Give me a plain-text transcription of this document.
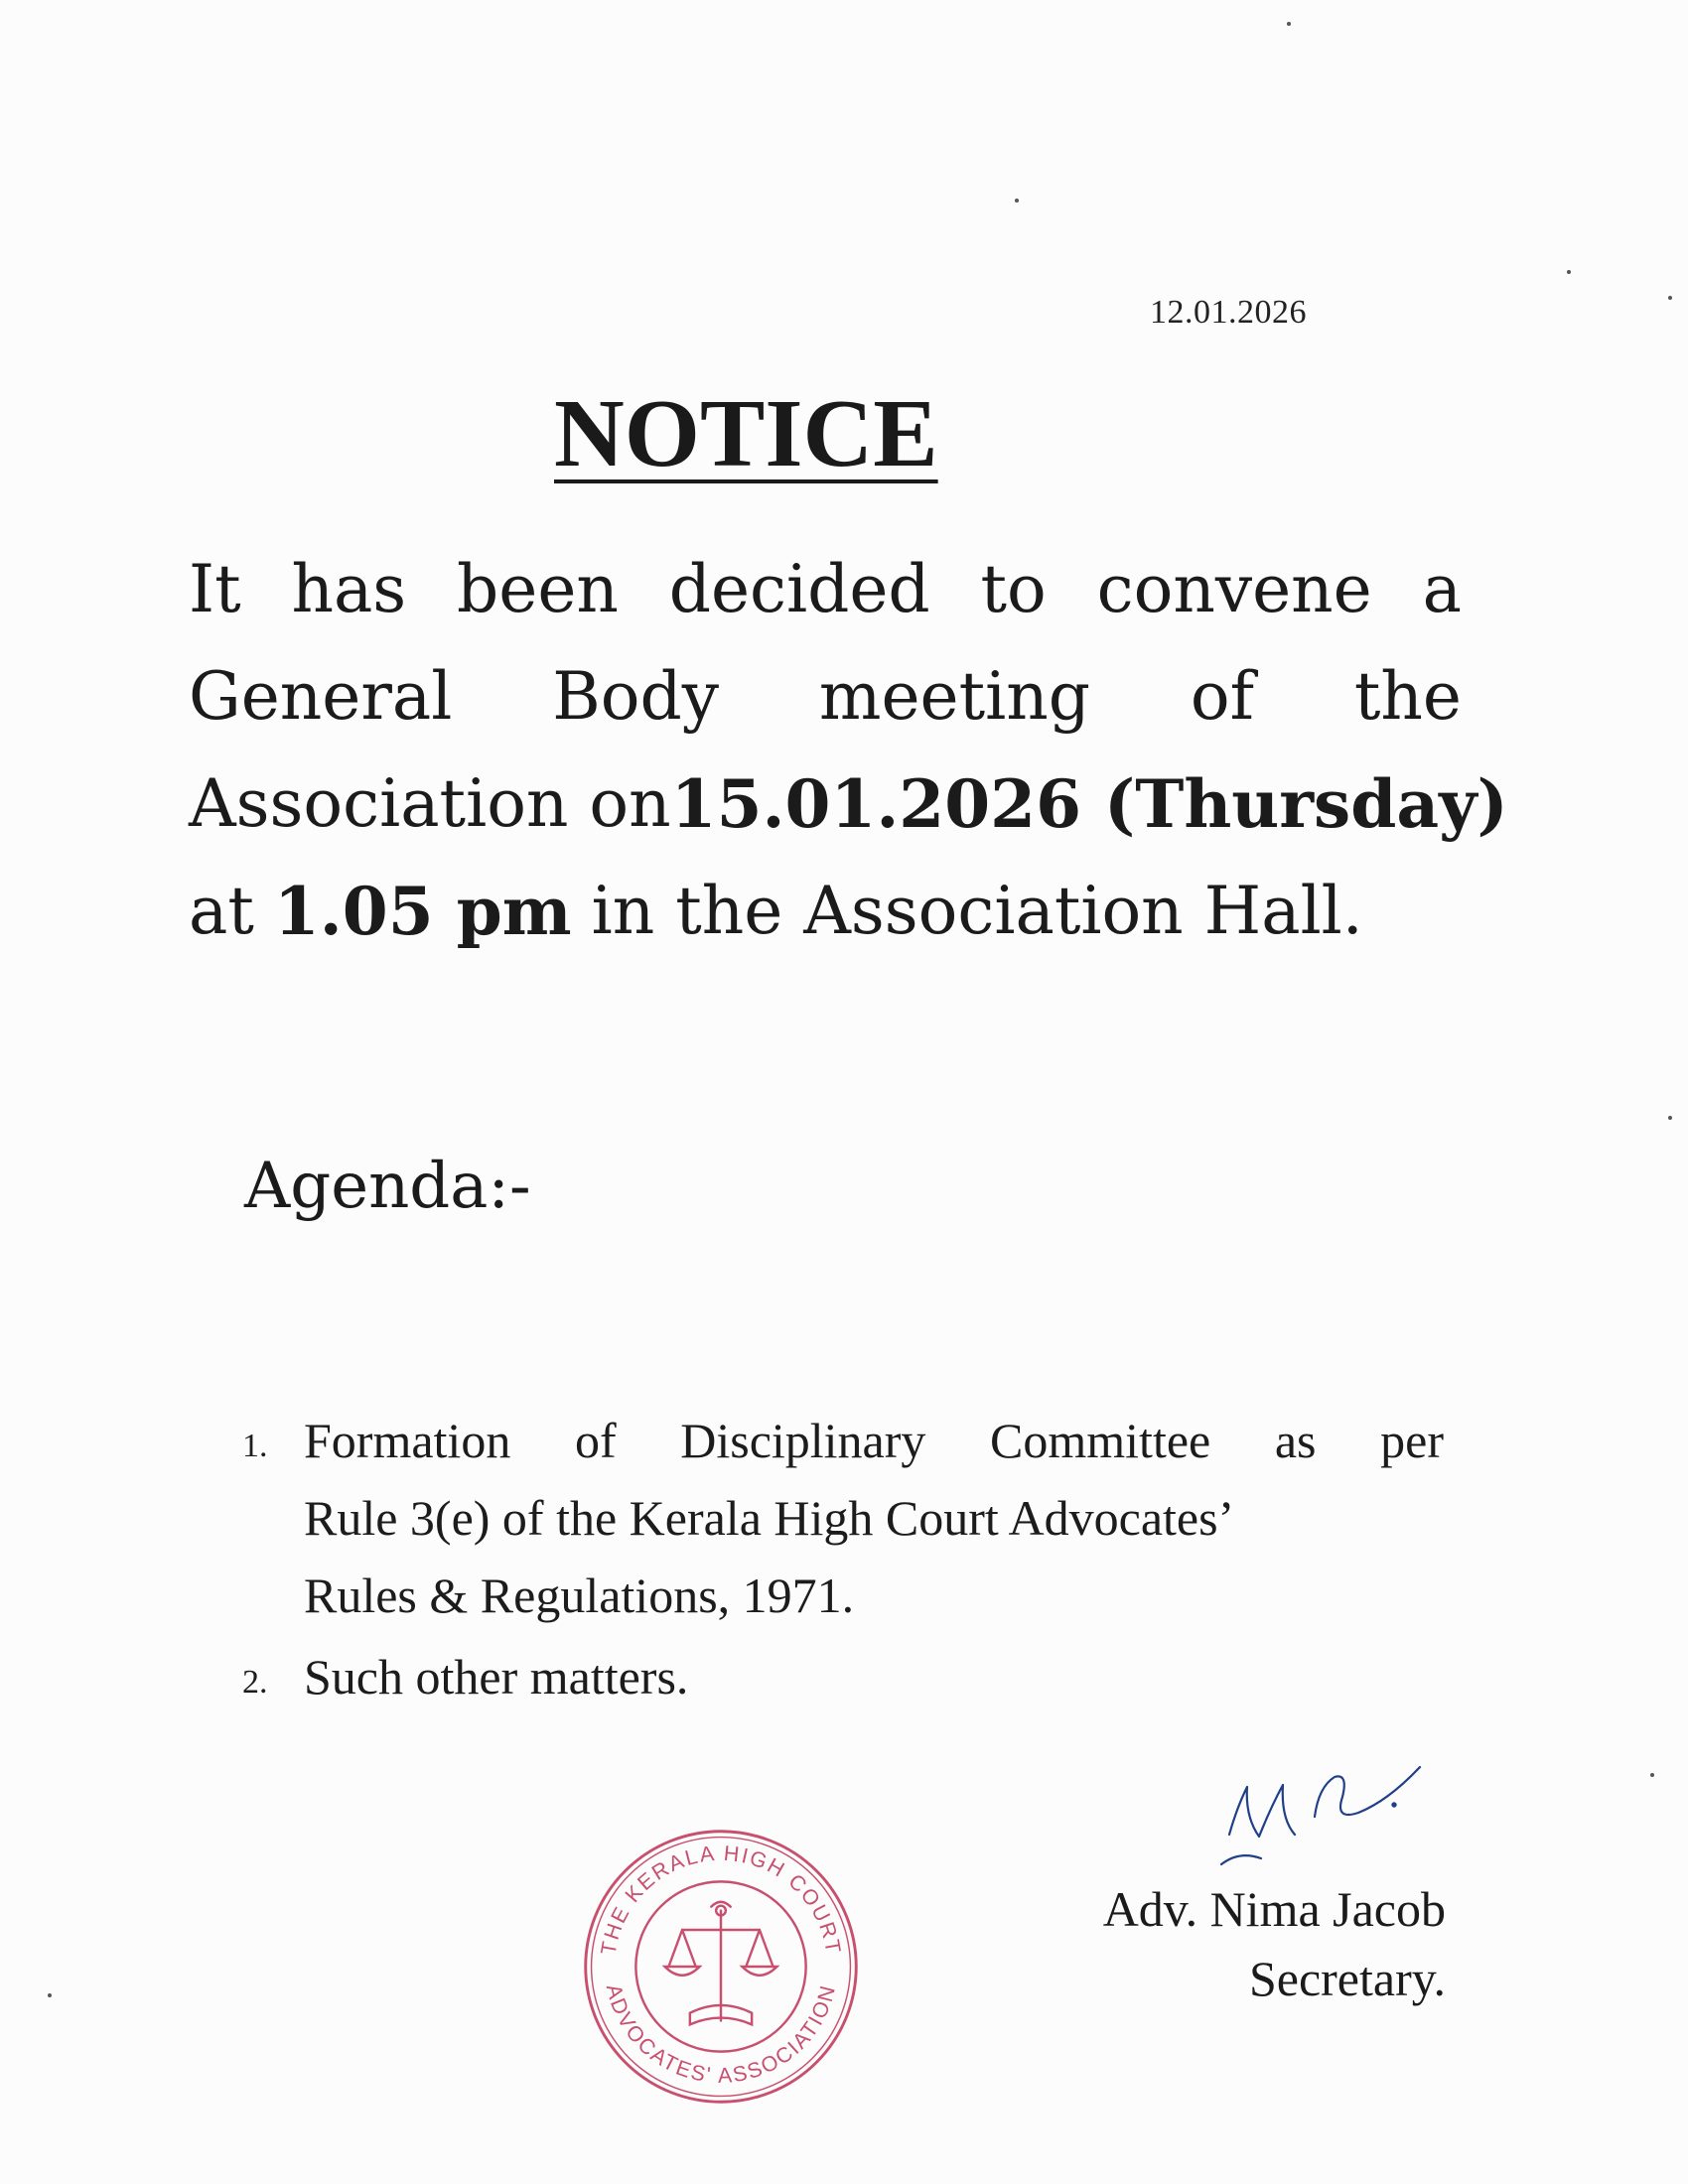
12.01.2026
NOTICE
It has been decided to convene a
General Body meeting of the
Association on 15.01.2026 (Thursday)
at 1.05 pm in the Association Hall.
Agenda:-
1. Formation of Disciplinary Committee as per
Rule 3(e) of the Kerala High Court Advocates’
Rules & Regulations, 1971.
2. Such other matters.
THE KERALA HIGH COURT
ADVOCATES' ASSOCIATION
Adv. Nima Jacob
Secretary.
